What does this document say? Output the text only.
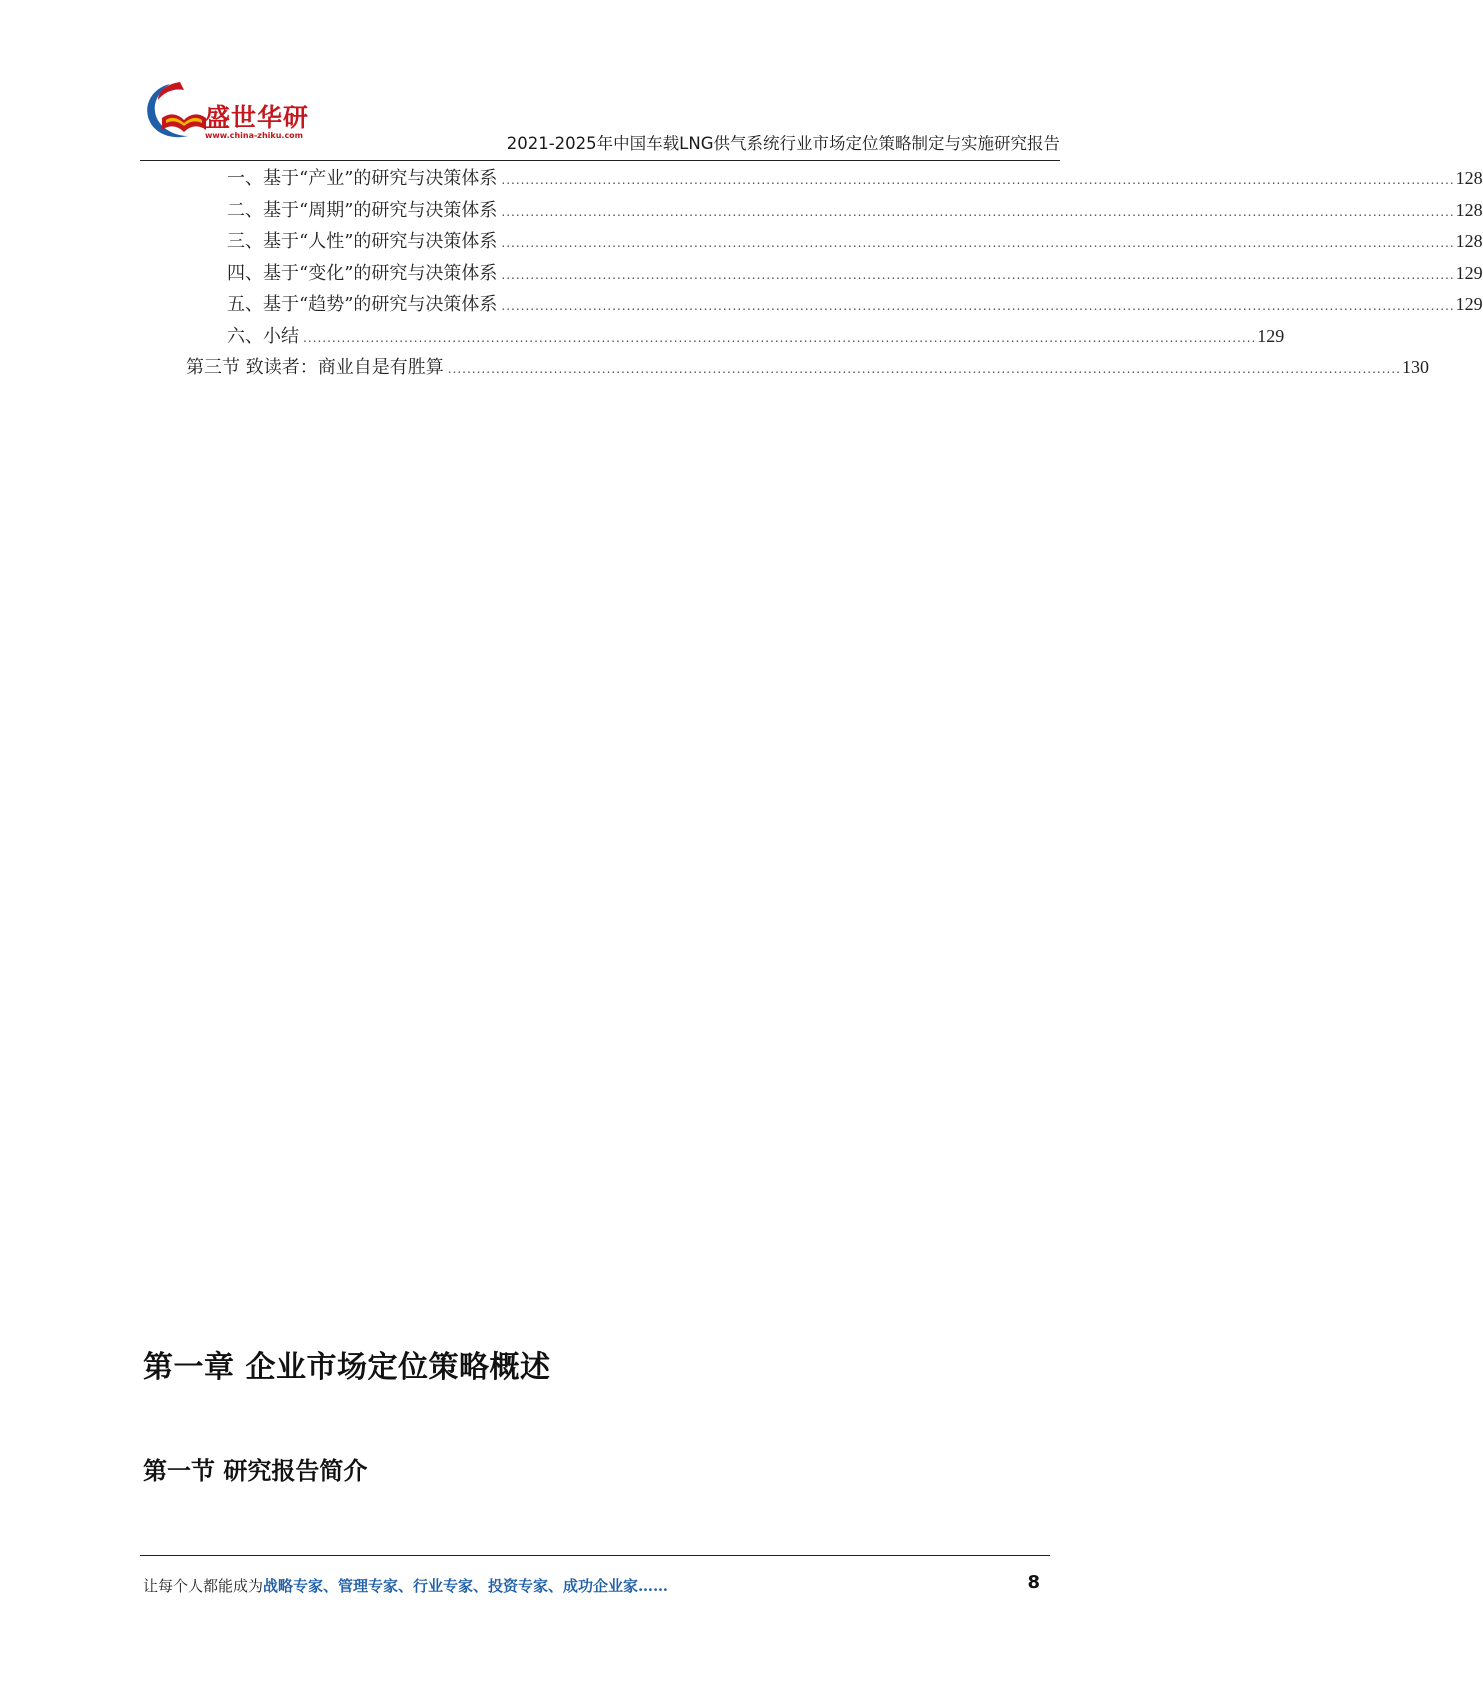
盛世华研
www.china-zhiku.com	2021-2025年中国车载LNG供气系统行业市场定位策略制定与实施研究报告
一、基于“产业”的研究与决策体系 ...................................................................................................................................................................................................... 128
二、基于“周期”的研究与决策体系 ...................................................................................................................................................................................................... 128
三、基于“人性”的研究与决策体系 ...................................................................................................................................................................................................... 128
四、基于“变化”的研究与决策体系 ...................................................................................................................................................................................................... 129
五、基于“趋势”的研究与决策体系 ...................................................................................................................................................................................................... 129
六、小结 ...................................................................................................................................................................................................... 129
第三节 致读者：商业自是有胜算 ...................................................................................................................................................................................................... 130
第一章 企业市场定位策略概述
第一节 研究报告简介
让每个人都能成为战略专家、管理专家、行业专家、投资专家、成功企业家……	8
